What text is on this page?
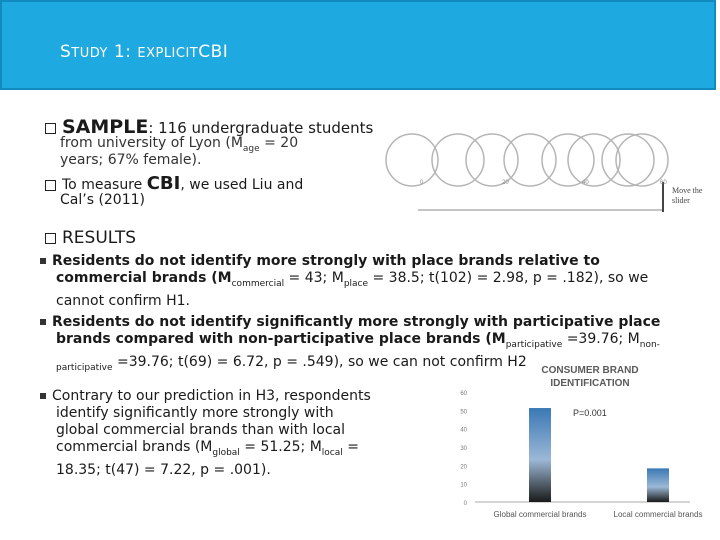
STUDY 1: EXPLICITCBI
SAMPLE: 116 undergraduate students
from university of Lyon ($M_{age} = 20$
years; 67% female).
To measure CBI, we used Liu and
Cal’s (2011)
0	20	40	60
Move the
slider
RESULTS
Residents do not identify more strongly with place brands relative to
commercial brands ($M_{commercial} = 43$; $M_{place} = 38.5$; t(102) = 2.98, p = .182), so we
cannot confirm H1.
Residents do not identify significantly more strongly with participative place
brands compared with non-participative place brands ($M_{participative} =39.76$; $M_{non-}$
$_{participative}$ =39.76; t(69) = 6.72, p = .549), so we can not confirm H2
Contrary to our prediction in H3, respondents
identify significantly more strongly with
global commercial brands than with local
commercial brands ($M_{global} = 51.25$; $M_{local}$ =
18.35; t(47) = 7.22, p = .001).
CONSUMER BRAND IDENTIFICATION
P=0.001
0
10
20
30
40
50
60
Global commercial brands	Local commercial brands
